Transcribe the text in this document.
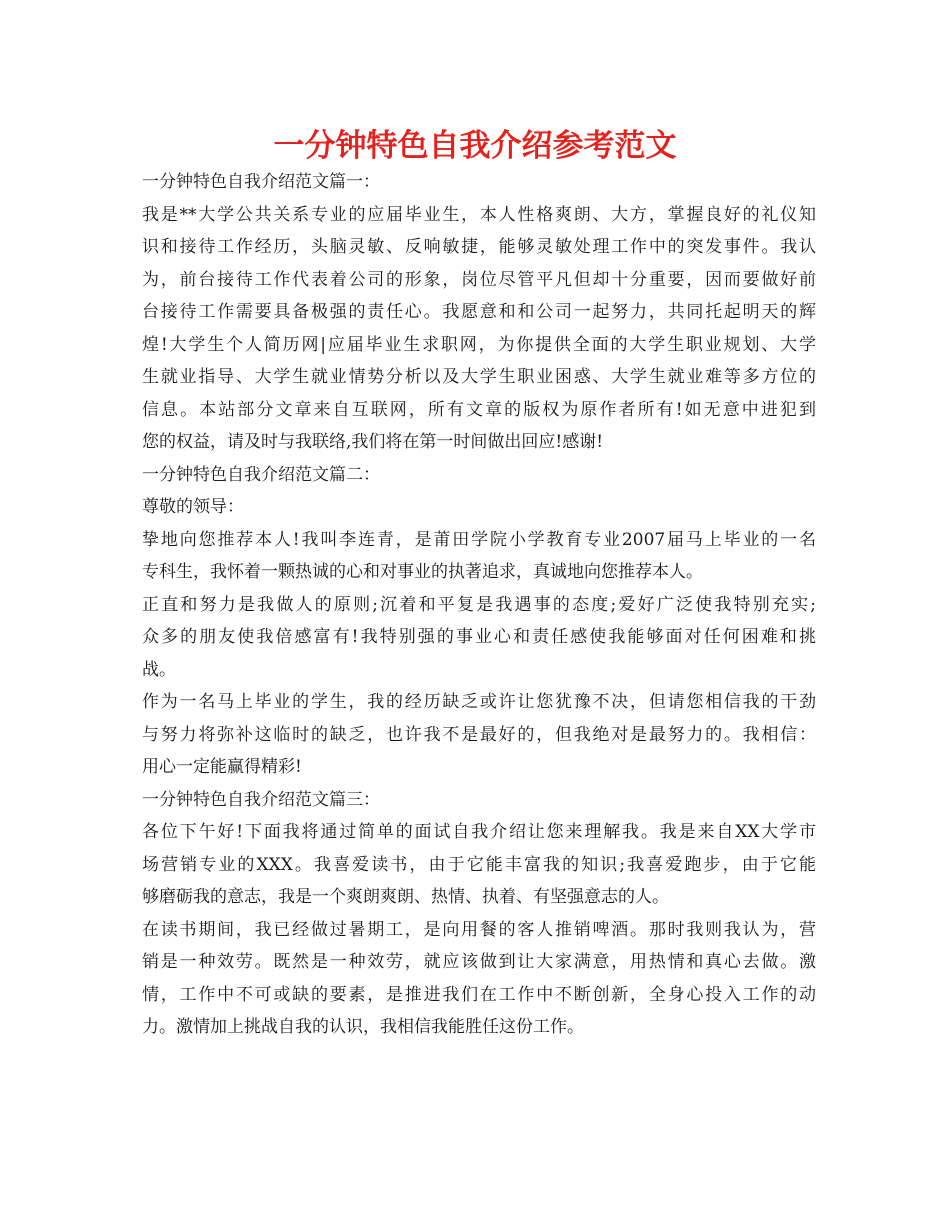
一分钟特色自我介绍参考范文
一分钟特色自我介绍范文篇一：
我是**大学公共关系专业的应届毕业生，本人性格爽朗、大方，掌握良好的礼仪知
识和接待工作经历，头脑灵敏、反响敏捷，能够灵敏处理工作中的突发事件。我认
为，前台接待工作代表着公司的形象，岗位尽管平凡但却十分重要，因而要做好前
台接待工作需要具备极强的责任心。我愿意和和公司一起努力，共同托起明天的辉
煌!大学生个人简历网|应届毕业生求职网，为你提供全面的大学生职业规划、大学
生就业指导、大学生就业情势分析以及大学生职业困惑、大学生就业难等多方位的
信息。本站部分文章来自互联网，所有文章的版权为原作者所有!如无意中进犯到
您的权益，请及时与我联络,我们将在第一时间做出回应!感谢!
一分钟特色自我介绍范文篇二：
尊敬的领导：
挚地向您推荐本人!我叫李连青，是莆田学院小学教育专业2007届马上毕业的一名
专科生，我怀着一颗热诚的心和对事业的执著追求，真诚地向您推荐本人。
正直和努力是我做人的原则;沉着和平复是我遇事的态度;爱好广泛使我特别充实;
众多的朋友使我倍感富有!我特别强的事业心和责任感使我能够面对任何困难和挑
战。
作为一名马上毕业的学生，我的经历缺乏或许让您犹豫不决，但请您相信我的干劲
与努力将弥补这临时的缺乏，也许我不是最好的，但我绝对是最努力的。我相信：
用心一定能赢得精彩!
一分钟特色自我介绍范文篇三：
各位下午好!下面我将通过简单的面试自我介绍让您来理解我。我是来自XX大学市
场营销专业的XXX。我喜爱读书，由于它能丰富我的知识;我喜爱跑步，由于它能
够磨砺我的意志，我是一个爽朗爽朗、热情、执着、有坚强意志的人。
在读书期间，我已经做过暑期工，是向用餐的客人推销啤酒。那时我则我认为，营
销是一种效劳。既然是一种效劳，就应该做到让大家满意，用热情和真心去做。激
情，工作中不可或缺的要素，是推进我们在工作中不断创新，全身心投入工作的动
力。激情加上挑战自我的认识，我相信我能胜任这份工作。
